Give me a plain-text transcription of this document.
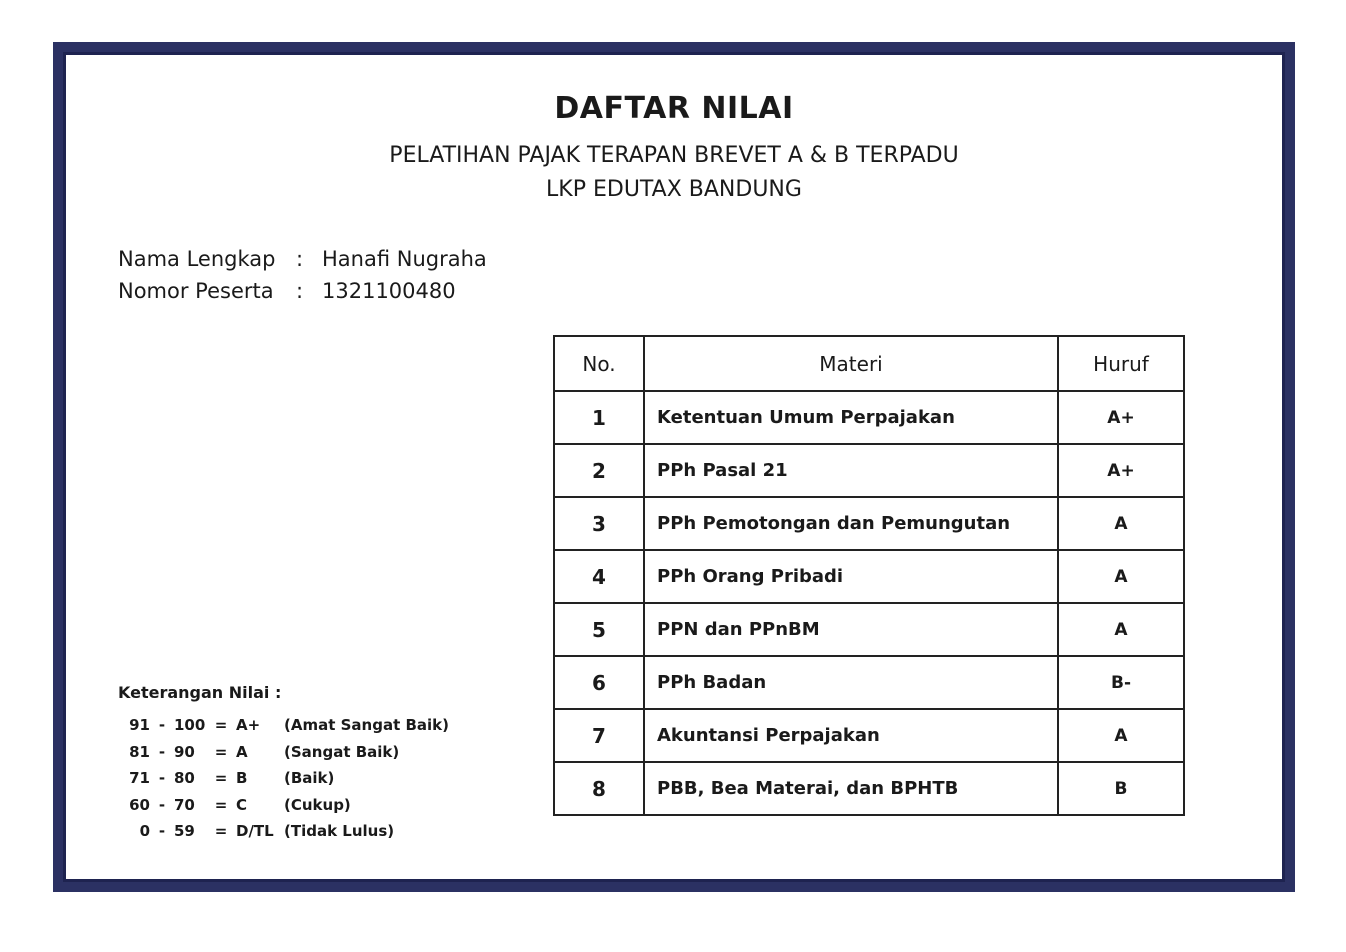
DAFTAR NILAI
PELATIHAN PAJAK TERAPAN BREVET A & B TERPADU
LKP EDUTAX BANDUNG
Nama Lengkap : Hanafi Nugraha
Nomor Peserta	: 1321100480
No.	Materi	Huruf
1	Ketentuan Umum Perpajakan	A+
2	PPh Pasal 21	A+
3	PPh Pemotongan dan Pemungutan	A
4	PPh Orang Pribadi	A
5	PPN dan PPnBM	A
6	PPh Badan	B-
7	Akuntansi Perpajakan	A
8	PBB, Bea Materai, dan BPHTB	B
Keterangan Nilai :
91 - 100 = A+	(Amat Sangat Baik)
81 - 90	= A	(Sangat Baik)
71 - 80	= B	(Baik)
60 - 70	= C	(Cukup)
0 - 59	= D/TL (Tidak Lulus)
